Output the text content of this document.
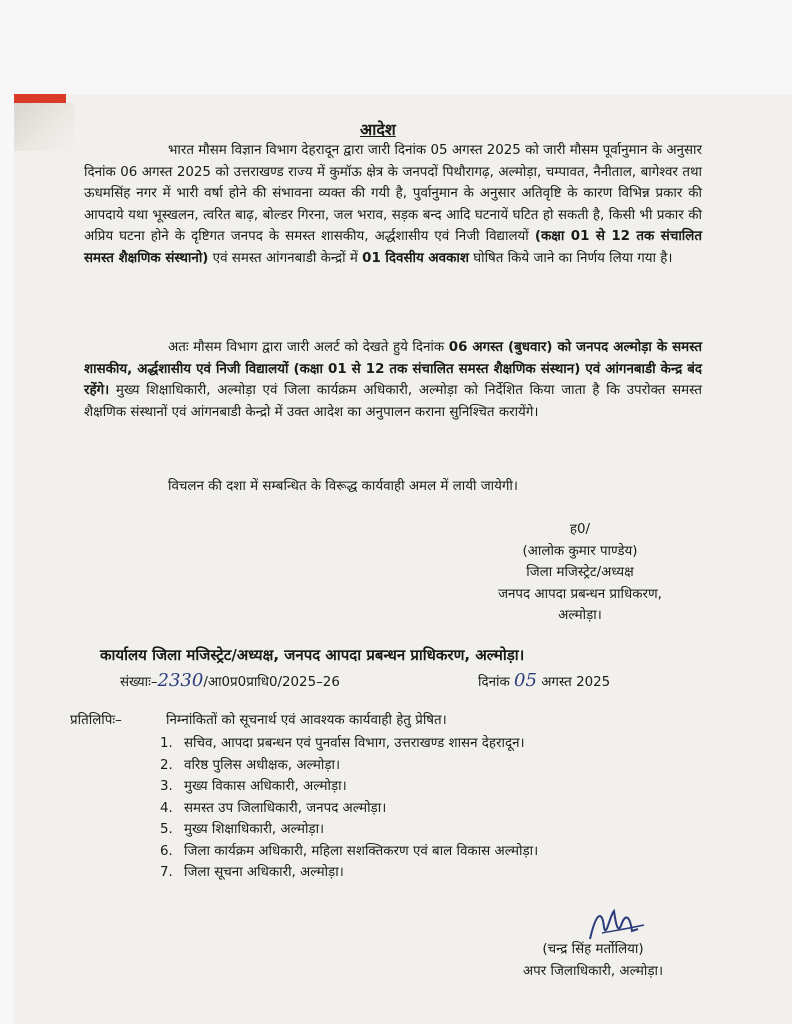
आदेश
भारत मौसम विज्ञान विभाग देहरादून द्वारा जारी दिनांक 05 अगस्त 2025 को जारी मौसम पूर्वानुमान के अनुसार दिनांक 06 अगस्त 2025 को उत्तराखण्ड राज्य में कुमॉऊ क्षेत्र के जनपदों पिथौरागढ़, अल्मोड़ा, चम्पावत, नैनीताल, बागेश्वर तथा ऊधमसिंह नगर में भारी वर्षा होने की संभावना व्यक्त की गयी है, पुर्वानुमान के अनुसार अतिवृष्टि के कारण विभिन्न प्रकार की आपदाये यथा भूस्खलन, त्वरित बाढ़, बोल्डर गिरना, जल भराव, सड़क बन्द आदि घटनायें घटित हो सकती है, किसी भी प्रकार की अप्रिय घटना होने के दृष्टिगत जनपद के समस्त शासकीय, अर्द्धशासीय एवं निजी विद्यालयों (कक्षा 01 से 12 तक संचालित समस्त शैक्षणिक संस्थानो) एवं समस्त आंगनबाडी केन्द्रों में 01 दिवसीय अवकाश घोषित किये जाने का निर्णय लिया गया है।
अतः मौसम विभाग द्वारा जारी अलर्ट को देखते हुये दिनांक 06 अगस्त (बुधवार) को जनपद अल्मोड़ा के समस्त शासकीय, अर्द्धशासीय एवं निजी विद्यालयों (कक्षा 01 से 12 तक संचालित समस्त शैक्षणिक संस्थान) एवं आंगनबाडी केन्द्र बंद रहेंगे। मुख्य शिक्षाधिकारी, अल्मोड़ा एवं जिला कार्यक्रम अधिकारी, अल्मोड़ा को निर्देशित किया जाता है कि उपरोक्त समस्त शैक्षणिक संस्थानों एवं आंगनबाडी केन्द्रो में उक्त आदेश का अनुपालन कराना सुनिश्चित करायेंगे।
विचलन की दशा में सम्बन्धित के विरूद्ध कार्यवाही अमल में लायी जायेगी।
ह0/
(आलोक कुमार पाण्डेय)
जिला मजिस्ट्रेट/अध्यक्ष
जनपद आपदा प्रबन्धन प्राधिकरण,
अल्मोड़ा।
कार्यालय जिला मजिस्ट्रेट/अध्यक्ष, जनपद आपदा प्रबन्धन प्राधिकरण, अल्मोड़ा।
संख्याः–2330/आ0प्र0प्राधि0/2025–26	दिनांक 05 अगस्त 2025
प्रतिलिपिः–	निम्नांकितों को सूचनार्थ एवं आवश्यक कार्यवाही हेतु प्रेषित।
1. सचिव, आपदा प्रबन्धन एवं पुनर्वास विभाग, उत्तराखण्ड शासन देहरादून।
2. वरिष्ठ पुलिस अधीक्षक, अल्मोड़ा।
3. मुख्य विकास अधिकारी, अल्मोड़ा।
4. समस्त उप जिलाधिकारी, जनपद अल्मोड़ा।
5. मुख्य शिक्षाधिकारी, अल्मोड़ा।
6. जिला कार्यक्रम अधिकारी, महिला सशक्तिकरण एवं बाल विकास अल्मोड़ा।
7. जिला सूचना अधिकारी, अल्मोड़ा।
(चन्द्र सिंह मर्तोलिया)
अपर जिलाधिकारी, अल्मोड़ा।
